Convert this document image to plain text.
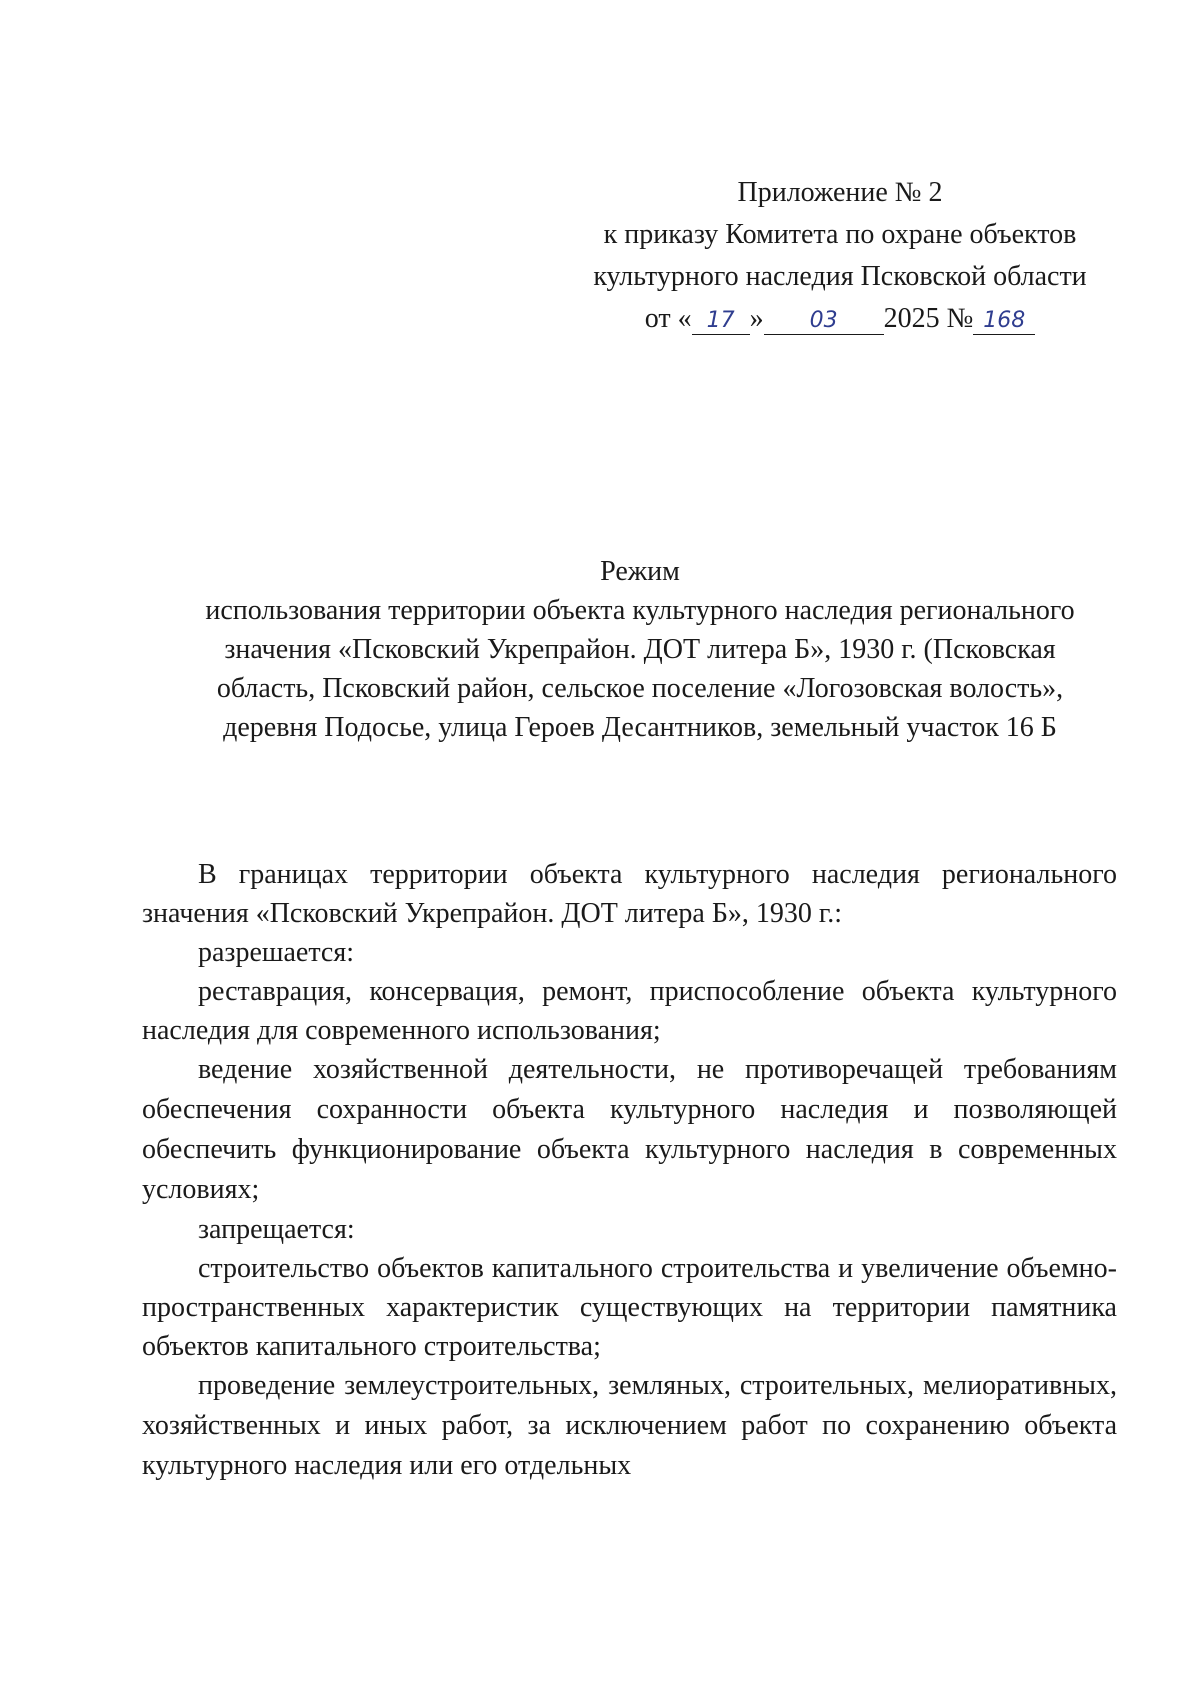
Приложение № 2
к приказу Комитета по охране объектов
культурного наследия Псковской области
от « 17 » 03 2025 № 168
Режим
использования территории объекта культурного наследия регионального
значения «Псковский Укрепрайон. ДОТ литера Б», 1930 г. (Псковская
область, Псковский район, сельское поселение «Логозовская волость»,
деревня Подосье, улица Героев Десантников, земельный участок 16 Б

В границах территории объекта культурного наследия регионального значения «Псковский Укрепрайон. ДОТ литера Б», 1930 г.:

разрешается:

реставрация, консервация, ремонт, приспособление объекта культурного наследия для современного использования;

ведение хозяйственной деятельности, не противоречащей требованиям обеспечения сохранности объекта культурного наследия и позволяющей обеспечить функционирование объекта культурного наследия в современных условиях;

запрещается:

строительство объектов капитального строительства и увеличение объемно-пространственных характеристик существующих на территории памятника объектов капитального строительства;

проведение землеустроительных, земляных, строительных, мелиоративных, хозяйственных и иных работ, за исключением работ по сохранению объекта культурного наследия или его отдельных
